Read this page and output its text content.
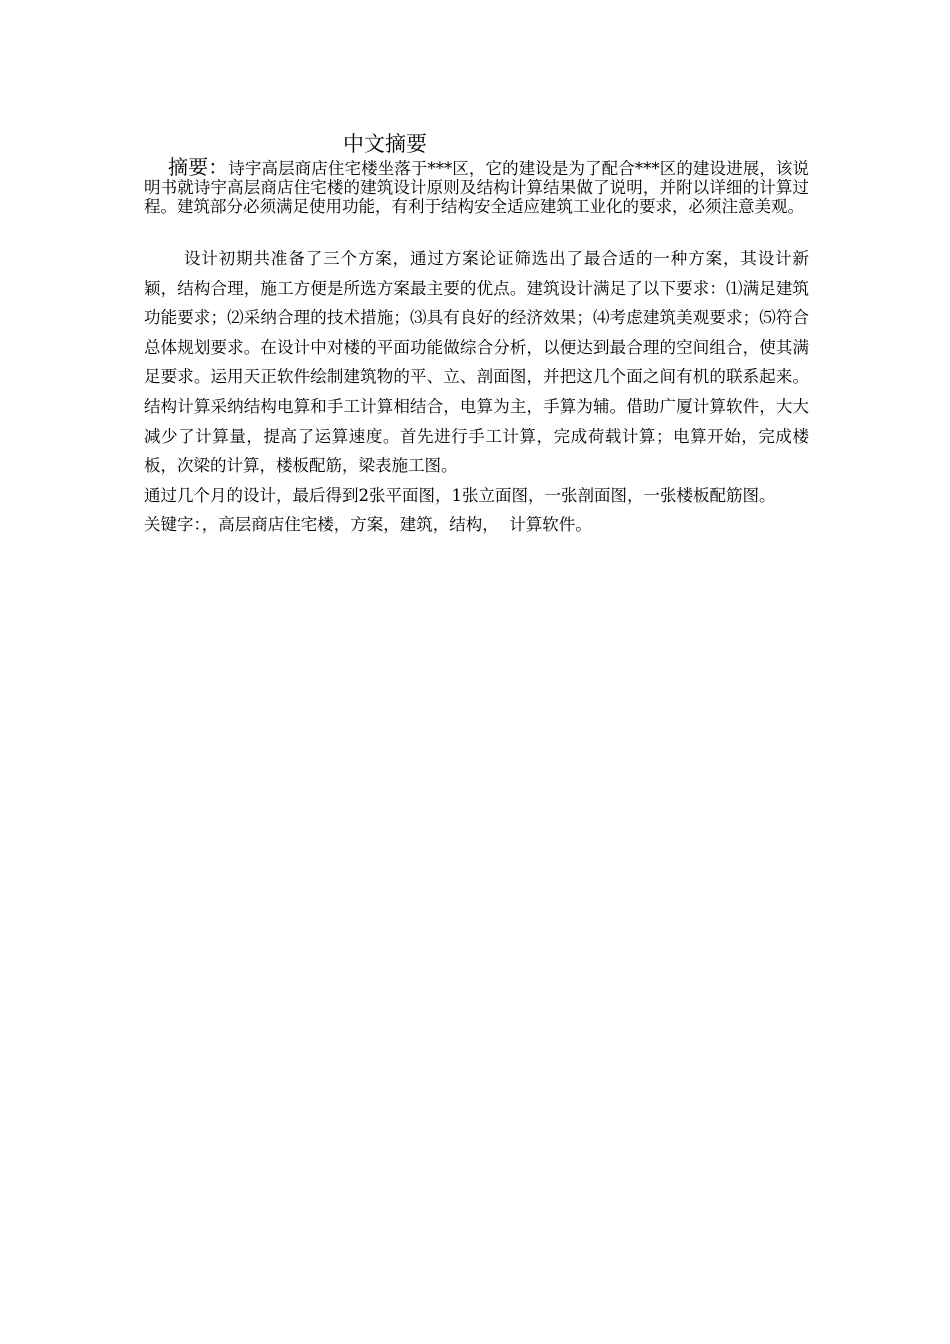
中文摘要
摘要：诗宇高层商店住宅楼坐落于***区，它的建设是为了配合***区的建设进展，该说明书就诗宇高层商店住宅楼的建筑设计原则及结构计算结果做了说明，并附以详细的计算过程。建筑部分必须满足使用功能，有利于结构安全适应建筑工业化的要求，必须注意美观。

设计初期共准备了三个方案，通过方案论证筛选出了最合适的一种方案，其设计新颖，结构合理，施工方便是所选方案最主要的优点。建筑设计满足了以下要求：⑴满足建筑功能要求；⑵采纳合理的技术措施；⑶具有良好的经济效果；⑷考虑建筑美观要求；⑸符合总体规划要求。在设计中对楼的平面功能做综合分析，以便达到最合理的空间组合，使其满足要求。运用天正软件绘制建筑物的平、立、剖面图，并把这几个面之间有机的联系起来。结构计算采纳结构电算和手工计算相结合，电算为主，手算为辅。借助广厦计算软件，大大减少了计算量，提高了运算速度。首先进行手工计算，完成荷载计算；电算开始，完成楼板，次梁的计算，楼板配筋，梁表施工图。

通过几个月的设计，最后得到2张平面图，1张立面图，一张剖面图，一张楼板配筋图。

关键字：，高层商店住宅楼，方案，建筑，结构，  计算软件。
